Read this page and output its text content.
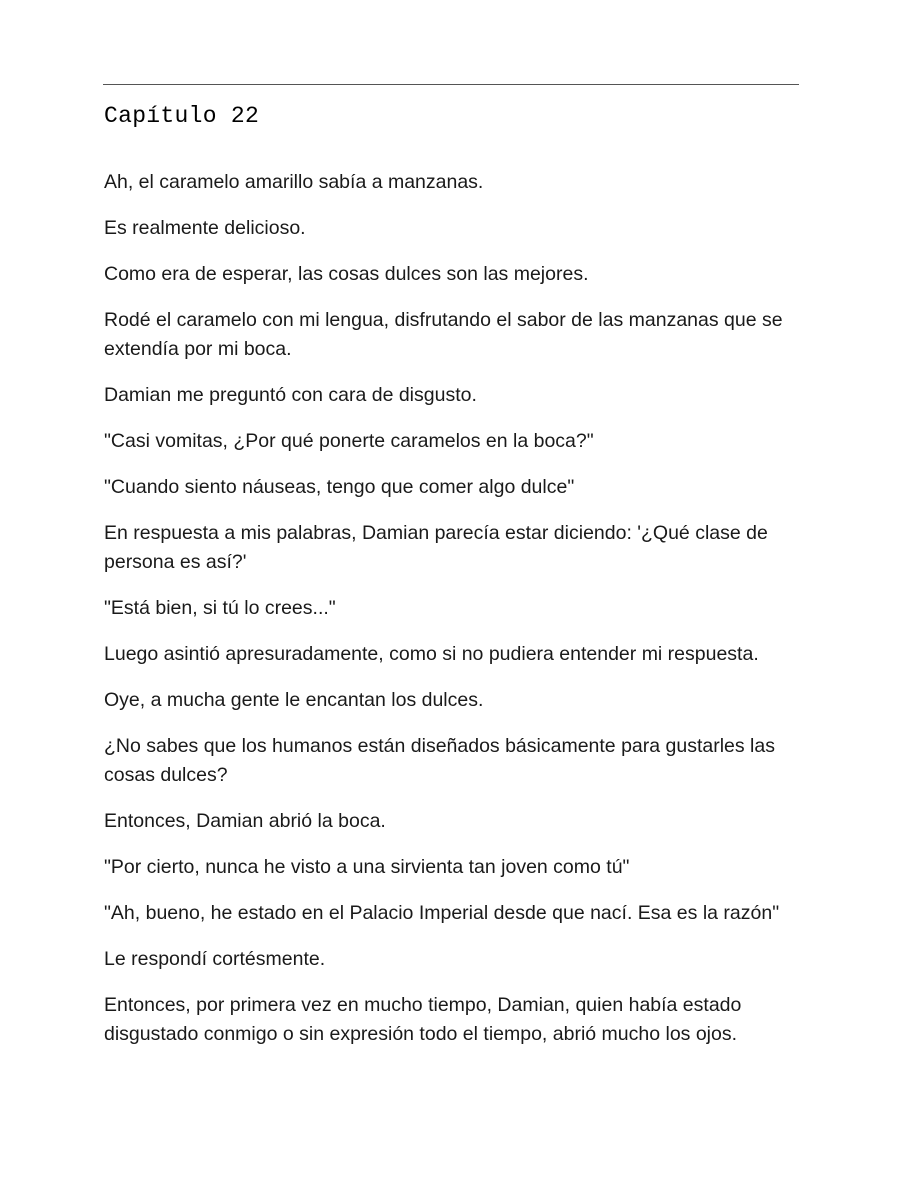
Capítulo 22

Ah, el caramelo amarillo sabía a manzanas.

Es realmente delicioso.

Como era de esperar, las cosas dulces son las mejores.

Rodé el caramelo con mi lengua, disfrutando el sabor de las manzanas que se extendía por mi boca.

Damian me preguntó con cara de disgusto.

"Casi vomitas, ¿Por qué ponerte caramelos en la boca?"

"Cuando siento náuseas, tengo que comer algo dulce"

En respuesta a mis palabras, Damian parecía estar diciendo: '¿Qué clase de persona es así?'

"Está bien, si tú lo crees..."

Luego asintió apresuradamente, como si no pudiera entender mi respuesta.

Oye, a mucha gente le encantan los dulces.

¿No sabes que los humanos están diseñados básicamente para gustarles las cosas dulces?

Entonces, Damian abrió la boca.

"Por cierto, nunca he visto a una sirvienta tan joven como tú"

"Ah, bueno, he estado en el Palacio Imperial desde que nací. Esa es la razón"

Le respondí cortésmente.

Entonces, por primera vez en mucho tiempo, Damian, quien había estado disgustado conmigo o sin expresión todo el tiempo, abrió mucho los ojos.
